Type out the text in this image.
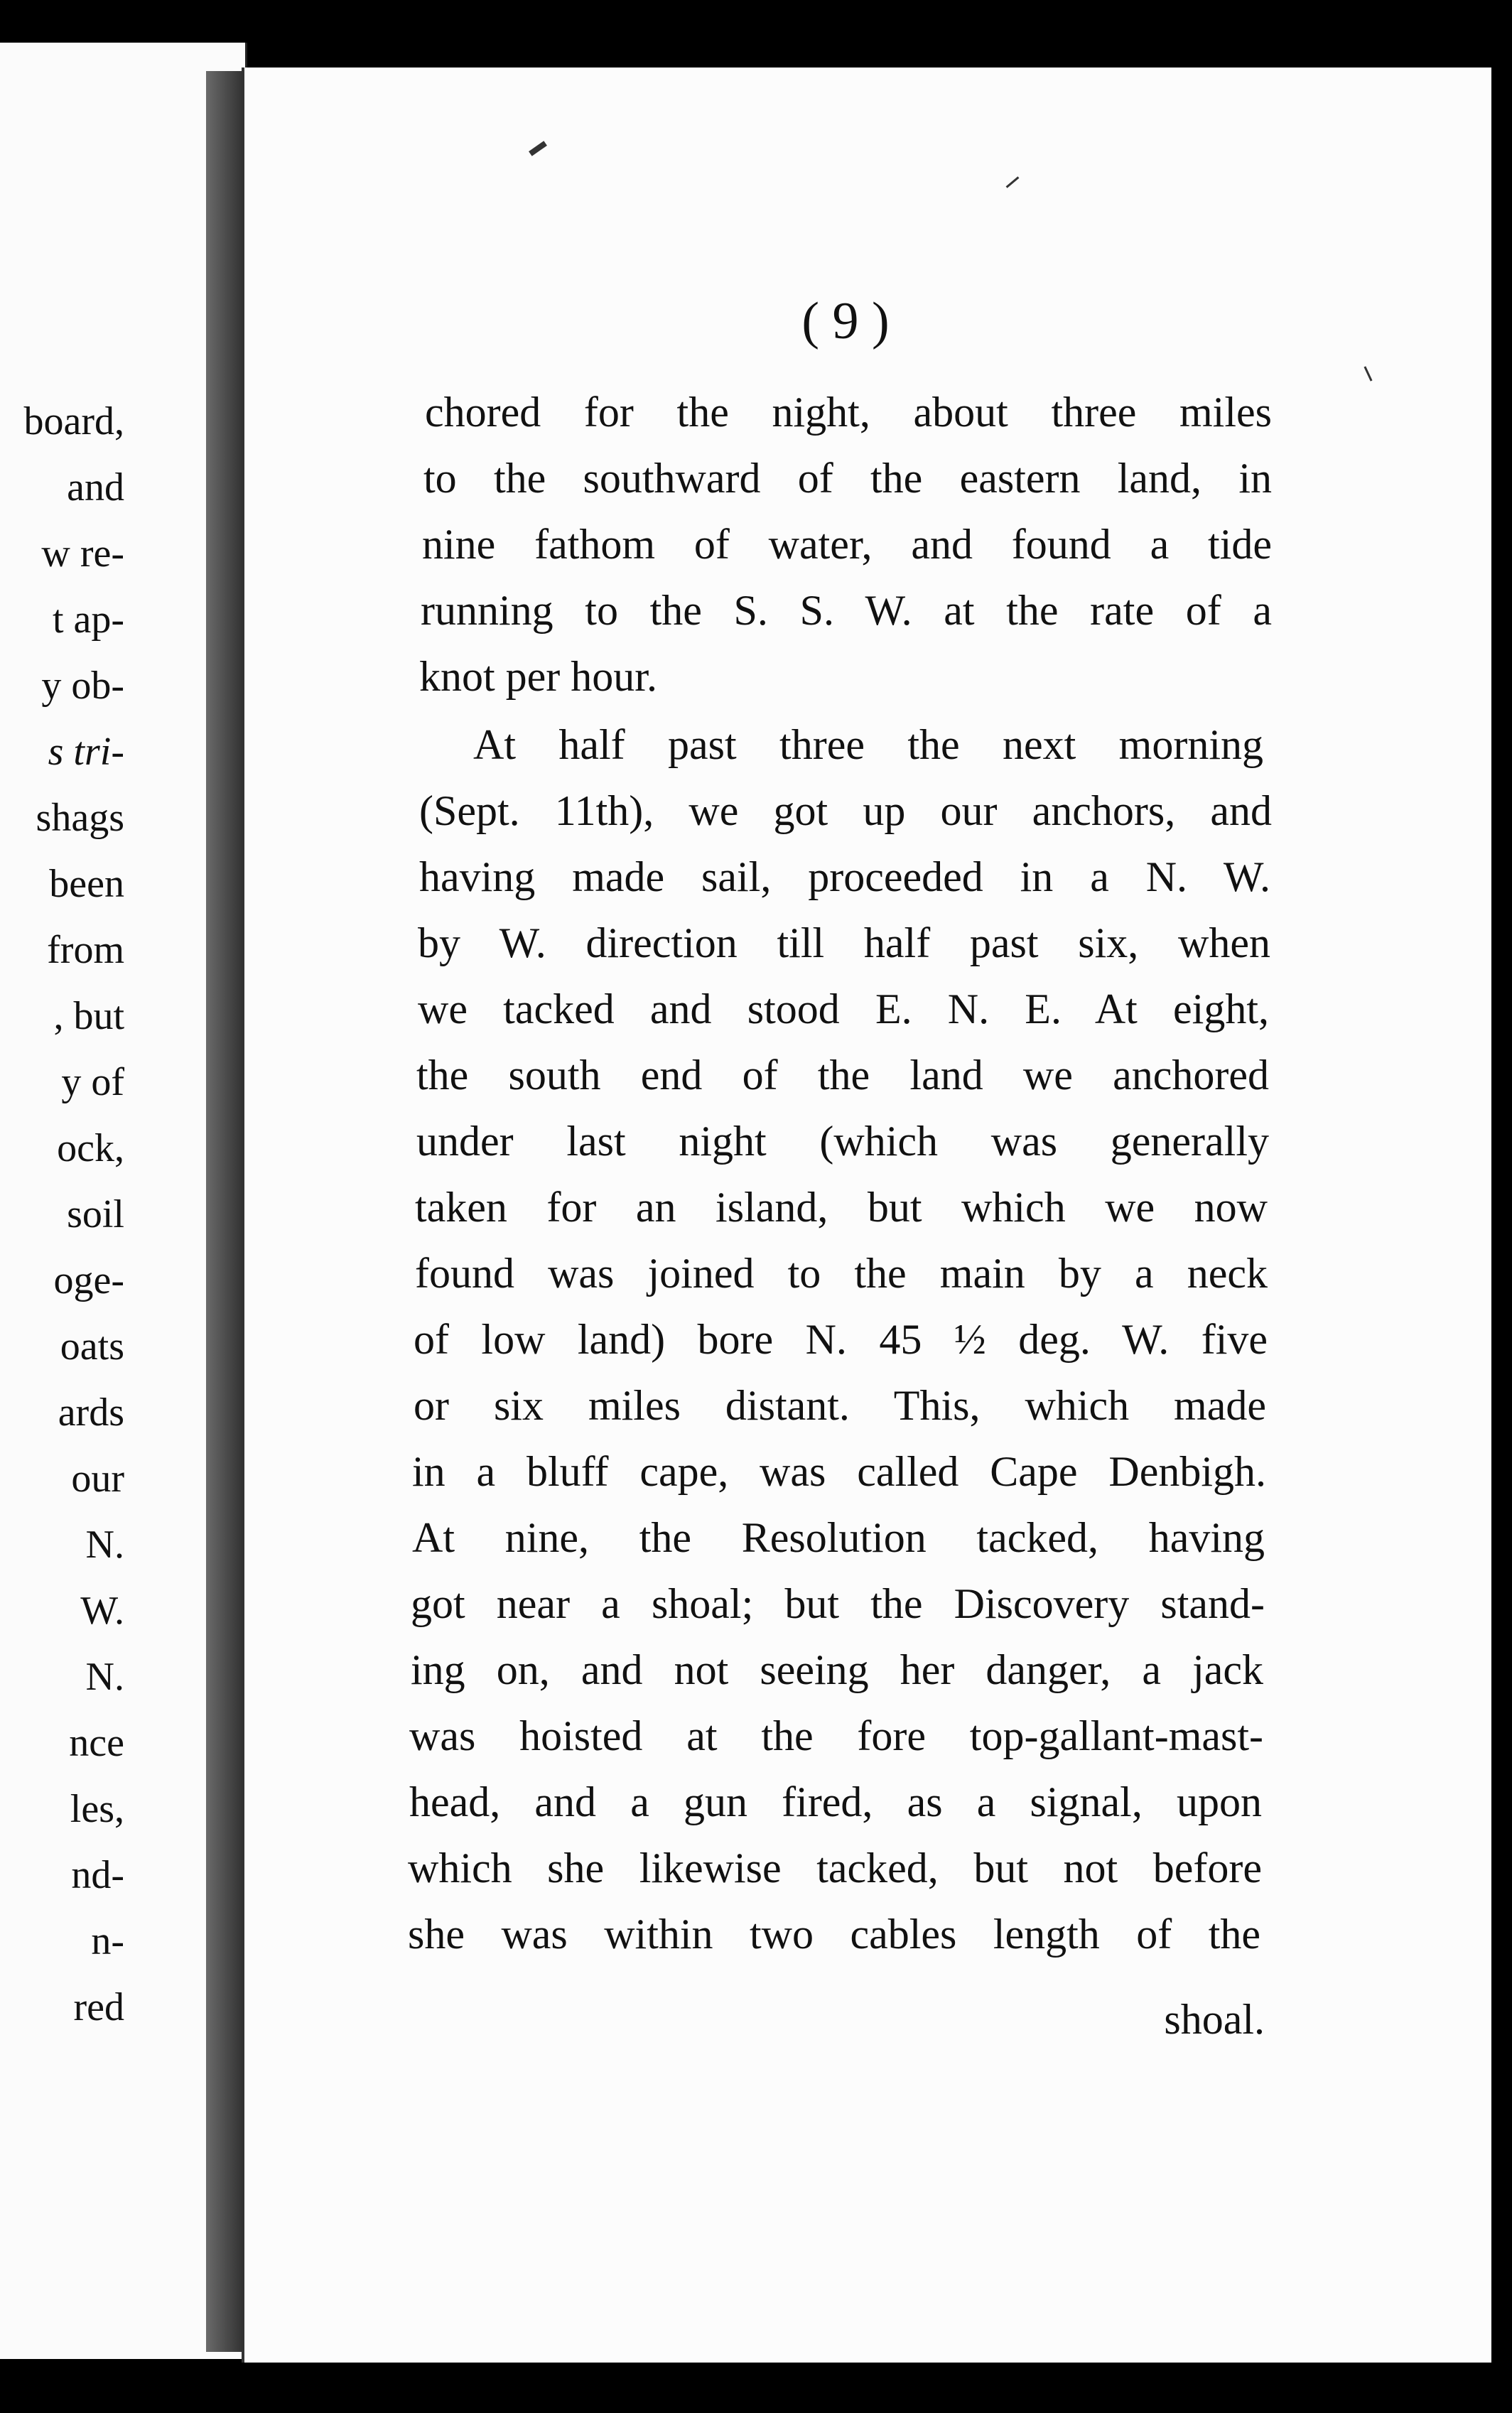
board,
and
w re-
t ap-
y ob-
s tri-
shags
been
from
, but
y of
ock,
soil
oge-
oats
ards
our
N.
W.
N.
nce
les,
nd-
n-
red
( 9 )
chored for the night, about three miles
to the southward of the eastern land, in
nine fathom of water, and found a tide
running to the S. S. W. at the rate of a
knot per hour.
At half past three the next morning
(Sept. 11th), we got up our anchors, and
having made sail, proceeded in a N. W.
by W. direction till half past six, when
we tacked and stood E. N. E. At eight,
the south end of the land we anchored
under last night (which was generally
taken for an island, but which we now
found was joined to the main by a neck
of low land) bore N. 45 ½ deg. W. five
or six miles distant. This, which made
in a bluff cape, was called Cape Denbigh.
At nine, the Resolution tacked, having
got near a shoal; but the Discovery stand-
ing on, and not seeing her danger, a jack
was hoisted at the fore top-gallant-mast-
head, and a gun fired, as a signal, upon
which she likewise tacked, but not before
she was within two cables length of the
shoal.
